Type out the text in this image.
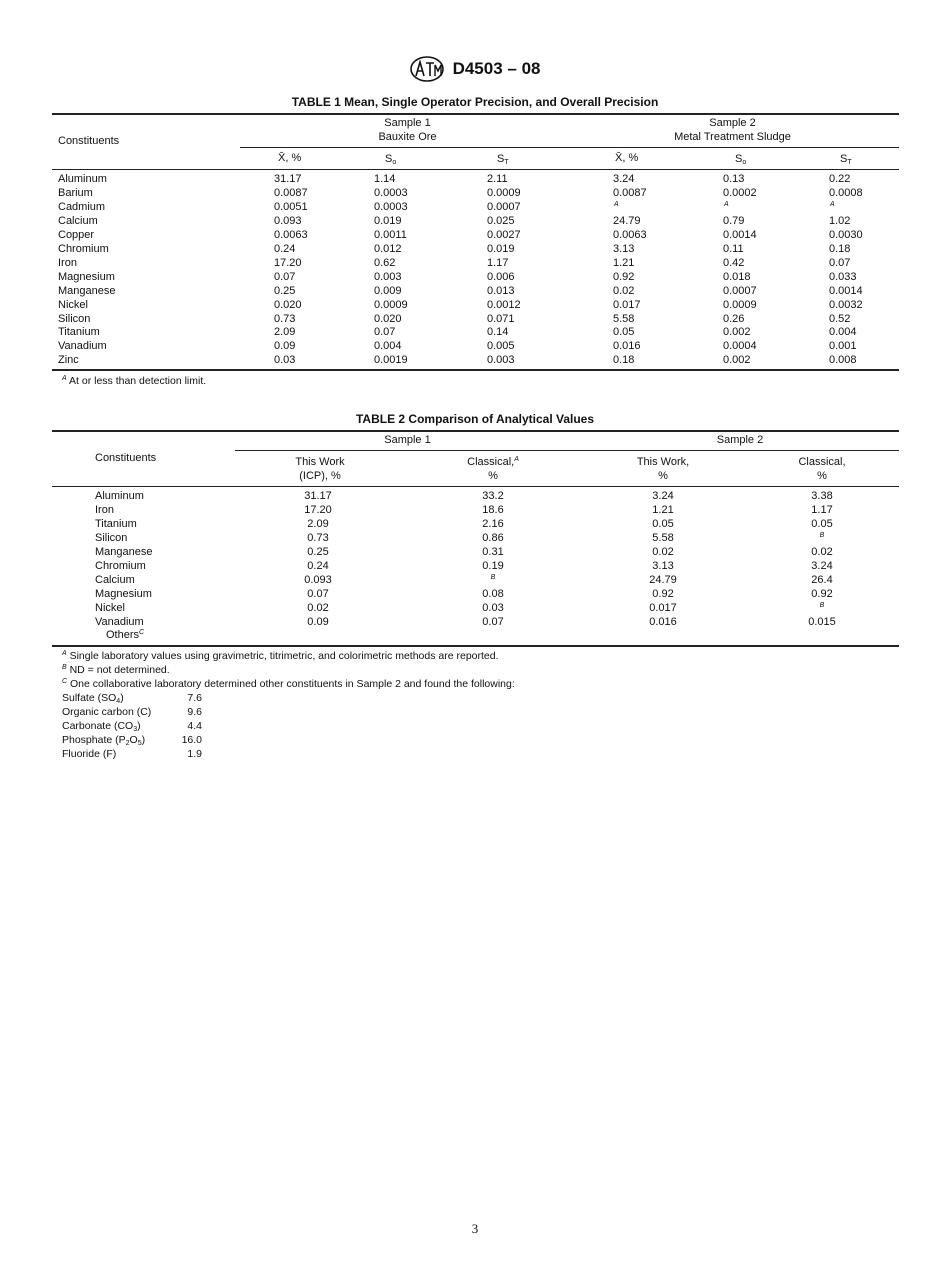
D4503 – 08
TABLE 1 Mean, Single Operator Precision, and Overall Precision
Constituents
Sample 1
Bauxite Ore
Sample 2
Metal Treatment Sludge
X̄, %	$S_o$	$S_T$	X̄, %	$S_o$	$S_T$
Aluminum	31.17	1.14	2.11	3.24	0.13	0.22
Barium	0.0087	0.0003	0.0009	0.0087	0.0002	0.0008
Cadmium	0.0051	0.0003	0.0007	A	A	A
Calcium	0.093	0.019	0.025	24.79	0.79	1.02
Copper	0.0063	0.0011	0.0027	0.0063	0.0014	0.0030
Chromium	0.24	0.012	0.019	3.13	0.11	0.18
Iron	17.20	0.62	1.17	1.21	0.42	0.07
Magnesium	0.07	0.003	0.006	0.92	0.018	0.033
Manganese	0.25	0.009	0.013	0.02	0.0007	0.0014
Nickel	0.020	0.0009	0.0012	0.017	0.0009	0.0032
Silicon	0.73	0.020	0.071	5.58	0.26	0.52
Titanium	2.09	0.07	0.14	0.05	0.002	0.004
Vanadium	0.09	0.004	0.005	0.016	0.0004	0.001
Zinc	0.03	0.0019	0.003	0.18	0.002	0.008
$^A$ At or less than detection limit.
TABLE 2 Comparison of Analytical Values
Constituents
Sample 1	Sample 2
This Work
(ICP), %
Classical,$^A$
%
This Work,
%
Classical,
%
Aluminum	31.17	33.2	3.24	3.38
Iron	17.20	18.6	1.21	1.17
Titanium	2.09	2.16	0.05	0.05
Silicon	0.73	0.86	5.58	B
Manganese	0.25	0.31	0.02	0.02
Chromium	0.24	0.19	3.13	3.24
Calcium	0.093	B	24.79	26.4
Magnesium	0.07	0.08	0.92	0.92
Nickel	0.02	0.03	0.017	B
Vanadium	0.09	0.07	0.016	0.015
Others$^C$
$^A$ Single laboratory values using gravimetric, titrimetric, and colorimetric methods are reported.
$^B$ ND = not determined.
$^C$ One collaborative laboratory determined other constituents in Sample 2 and found the following:
Sulfate $(SO_4)$	7.6
Organic carbon (C)	9.6
Carbonate $(CO_3)$	4.4
Phosphate $(P_2O_5)$	16.0
Fluoride (F)	1.9
3
